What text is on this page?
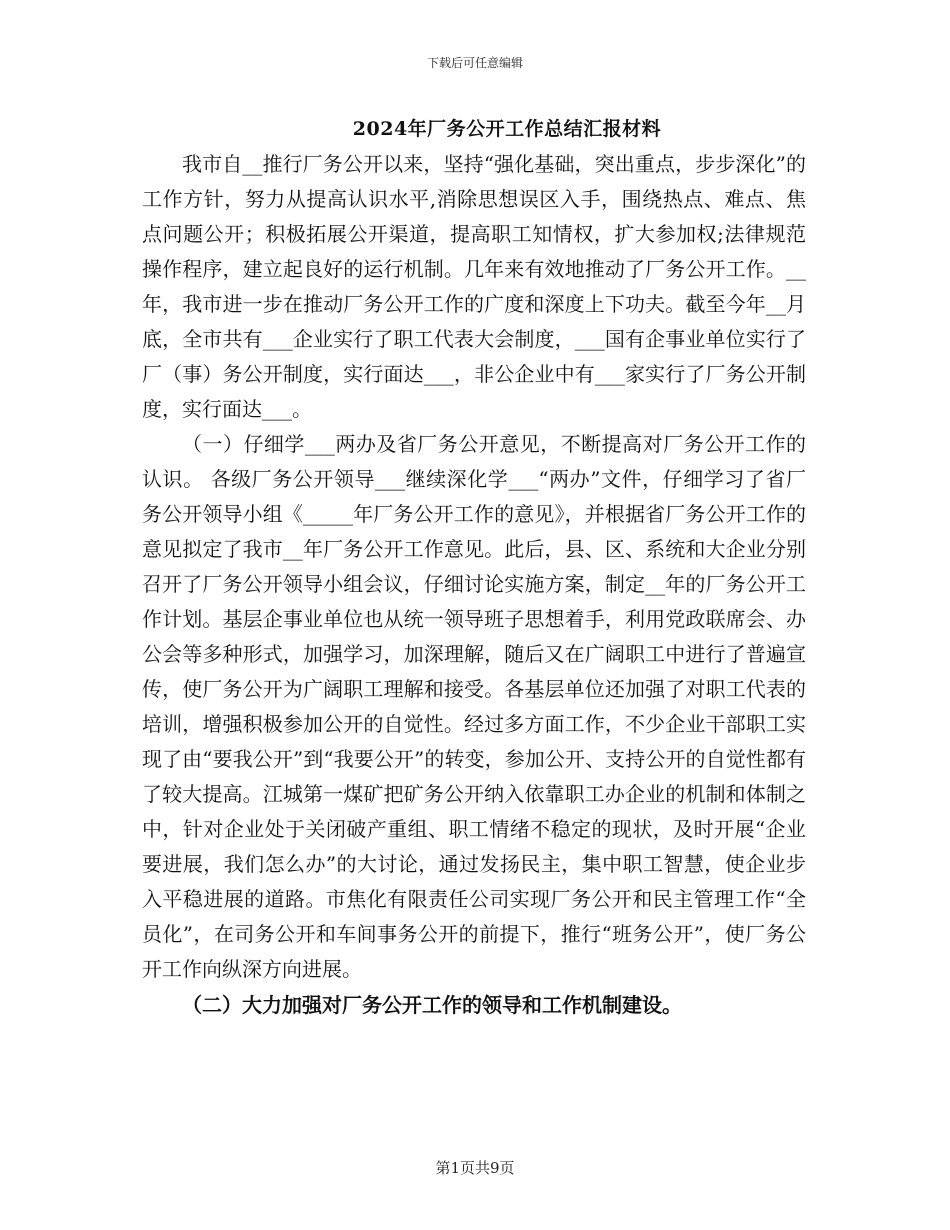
下载后可任意编辑
2024年厂务公开工作总结汇报材料

我市自__推行厂务公开以来，坚持“强化基础，突出重点，步步深化”的工作方针，努力从提高认识水平,消除思想误区入手，围绕热点、难点、焦点问题公开；积极拓展公开渠道，提高职工知情权，扩大参加权;法律规范操作程序，建立起良好的运行机制。几年来有效地推动了厂务公开工作。__年，我市进一步在推动厂务公开工作的广度和深度上下功夫。截至今年__月底，全市共有___企业实行了职工代表大会制度，___国有企事业单位实行了厂（事）务公开制度，实行面达___，非公企业中有___家实行了厂务公开制度，实行面达___。

（一）仔细学___两办及省厂务公开意见，不断提高对厂务公开工作的认识。 各级厂务公开领导___继续深化学___“两办”文件，仔细学习了省厂务公开领导小组《_____年厂务公开工作的意见》，并根据省厂务公开工作的意见拟定了我市__年厂务公开工作意见。此后，县、区、系统和大企业分别召开了厂务公开领导小组会议，仔细讨论实施方案，制定__年的厂务公开工作计划。基层企事业单位也从统一领导班子思想着手，利用党政联席会、办公会等多种形式，加强学习，加深理解，随后又在广阔职工中进行了普遍宣传，使厂务公开为广阔职工理解和接受。各基层单位还加强了对职工代表的培训，增强积极参加公开的自觉性。经过多方面工作，不少企业干部职工实现了由“要我公开”到“我要公开”的转变，参加公开、支持公开的自觉性都有了较大提高。江城第一煤矿把矿务公开纳入依靠职工办企业的机制和体制之中，针对企业处于关闭破产重组、职工情绪不稳定的现状，及时开展“企业要进展，我们怎么办”的大讨论，通过发扬民主，集中职工智慧，使企业步入平稳进展的道路。市焦化有限责任公司实现厂务公开和民主管理工作“全员化”，在司务公开和车间事务公开的前提下，推行“班务公开”，使厂务公开工作向纵深方向进展。

（二）大力加强对厂务公开工作的领导和工作机制建设。

第1页共9页
